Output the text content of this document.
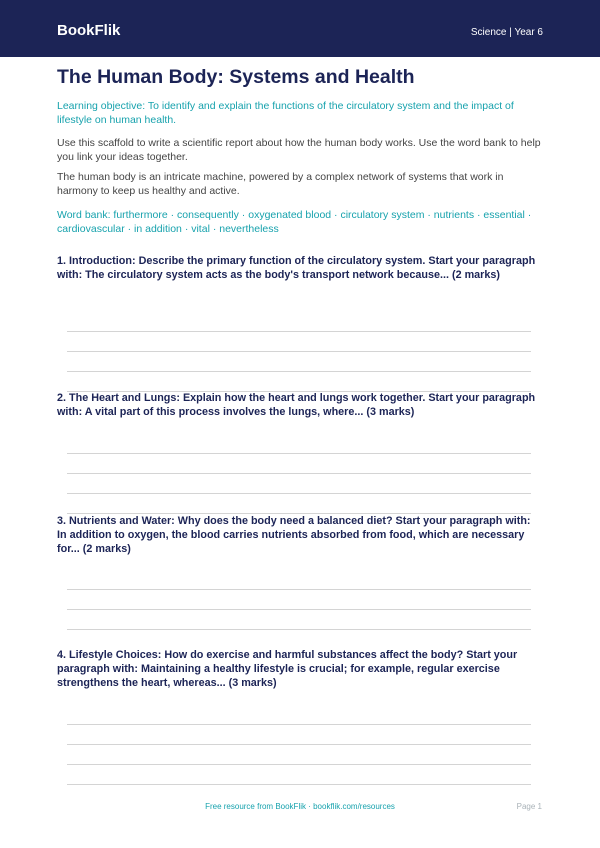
BookFlik	Science | Year 6
The Human Body: Systems and Health

Learning objective: To identify and explain the functions of the circulatory system and the impact of lifestyle on human health.

Use this scaffold to write a scientific report about how the human body works. Use the word bank to help you link your ideas together.

The human body is an intricate machine, powered by a complex network of systems that work in harmony to keep us healthy and active.

Word bank: furthermore · consequently · oxygenated blood · circulatory system · nutrients · essential · cardiovascular · in addition · vital · nevertheless

1. Introduction: Describe the primary function of the circulatory system. Start your paragraph with: The circulatory system acts as the body's transport network because... (2 marks)

2. The Heart and Lungs: Explain how the heart and lungs work together. Start your paragraph with: A vital part of this process involves the lungs, where... (3 marks)

3. Nutrients and Water: Why does the body need a balanced diet? Start your paragraph with: In addition to oxygen, the blood carries nutrients absorbed from food, which are necessary for... (2 marks)

4. Lifestyle Choices: How do exercise and harmful substances affect the body? Start your paragraph with: Maintaining a healthy lifestyle is crucial; for example, regular exercise strengthens the heart, whereas... (3 marks)

Free resource from BookFlik · bookflik.com/resources	Page 1
